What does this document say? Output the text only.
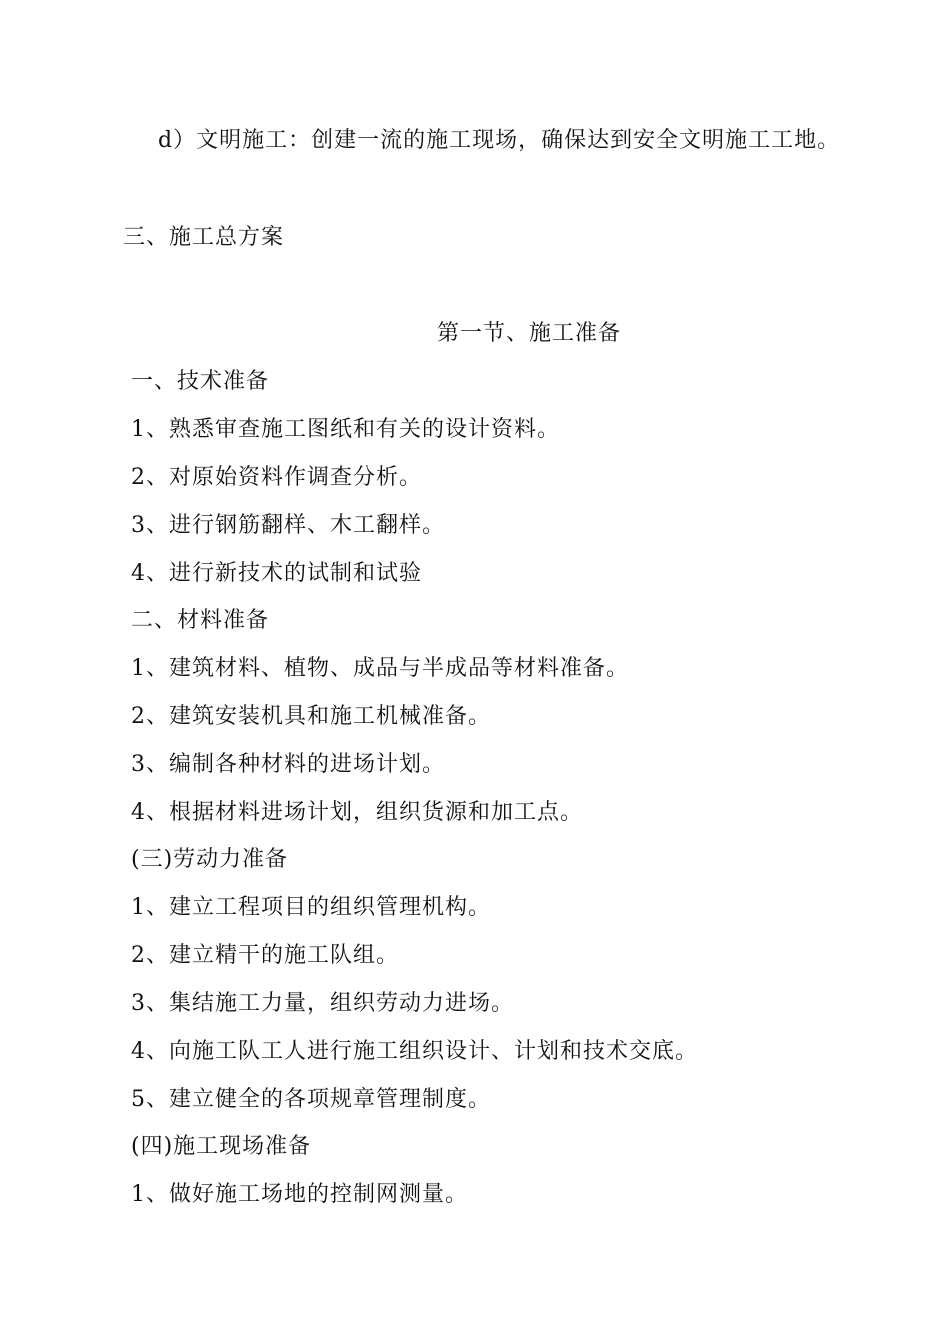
d）文明施工：创建一流的施工现场，确保达到安全文明施工工地。
三、施工总方案
第一节、施工准备
一、技术准备
1、熟悉审查施工图纸和有关的设计资料。
2、对原始资料作调查分析。
3、进行钢筋翻样、木工翻样。
4、进行新技术的试制和试验
二、材料准备
1、建筑材料、植物、成品与半成品等材料准备。
2、建筑安装机具和施工机械准备。
3、编制各种材料的进场计划。
4、根据材料进场计划，组织货源和加工点。
(三)劳动力准备
1、建立工程项目的组织管理机构。
2、建立精干的施工队组。
3、集结施工力量，组织劳动力进场。
4、向施工队工人进行施工组织设计、计划和技术交底。
5、建立健全的各项规章管理制度。
(四)施工现场准备
1、做好施工场地的控制网测量。
